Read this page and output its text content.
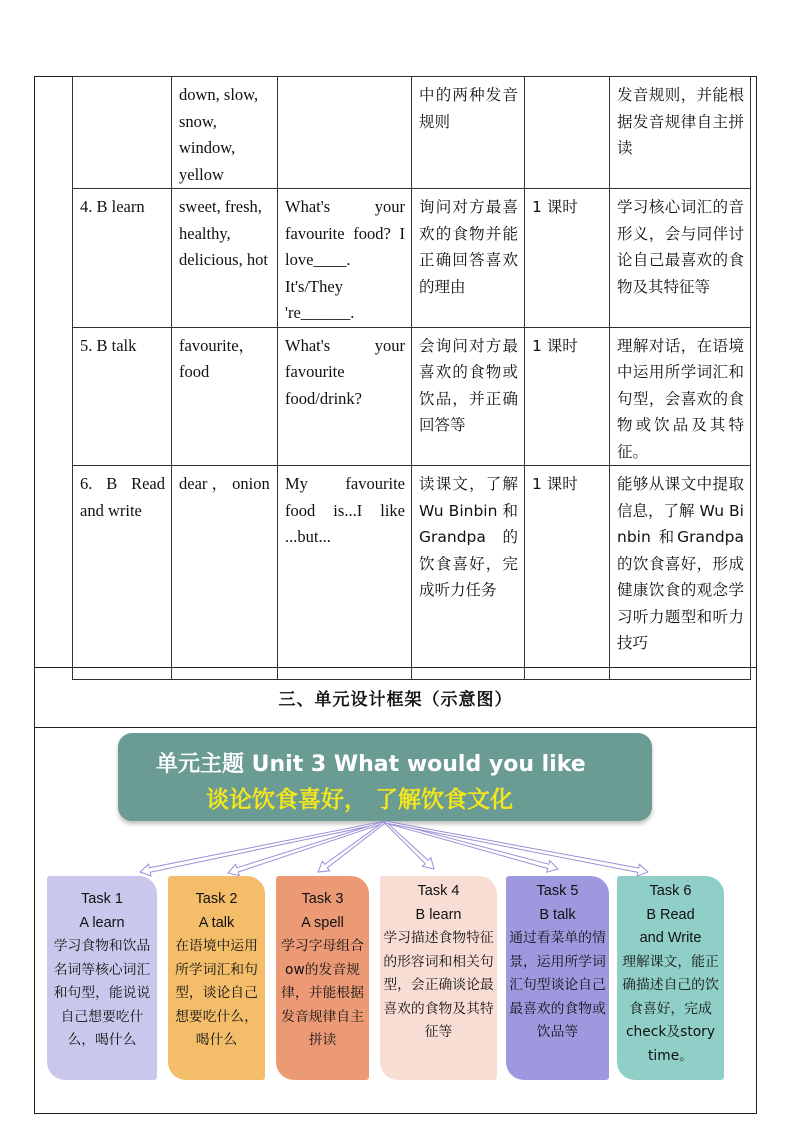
	down, slow, snow, window, yellow		中的两种发音规则		发音规则，并能根据发音规律自主拼读
4. B learn	sweet, fresh, healthy, delicious, hot	What's your favourite food? I love____. It's/They 're______.	询问对方最喜欢的食物并能正确回答喜欢的理由	1 课时	学习核心词汇的音形义，会与同伴讨论自己最喜欢的食物及其特征等
5. B talk	favourite， food	What's your favourite food/drink?	会询问对方最喜欢的食物或饮品，并正确回答等	1 课时	理解对话，在语境中运用所学词汇和句型，会喜欢的食物或饮品及其特征。
6. B Read and write	dear ， onion	My favourite food is...I like ...but...	读课文，了解 Wu Binbin 和 Grandpa 的饮食喜好，完成听力任务	1 课时	能够从课文中提取信息，了解 Wu Binbin 和Grandpa的饮食喜好，形成健康饮食的观念学习听力题型和听力技巧
三、单元设计框架（示意图）
单元主题 Unit 3 What would you like
谈论饮食喜好， 了解饮食文化
Task 1
A learn
学习食物和饮品名词等核心词汇和句型，能说说自己想要吃什么，喝什么
Task 2
A talk
在语境中运用所学词汇和句型，谈论自己想要吃什么，喝什么
Task 3
A spell
学习字母组合ow的发音规律，并能根据发音规律自主拼读
Task 4
B learn
学习描述食物特征的形容词和相关句型，会正确谈论最喜欢的食物及其特征等
Task 5
B talk
通过看菜单的情景，运用所学词汇句型谈论自己最喜欢的食物或饮品等
Task 6
B Read and Write
理解课文，能正确描述自己的饮食喜好，完成check及story time。
